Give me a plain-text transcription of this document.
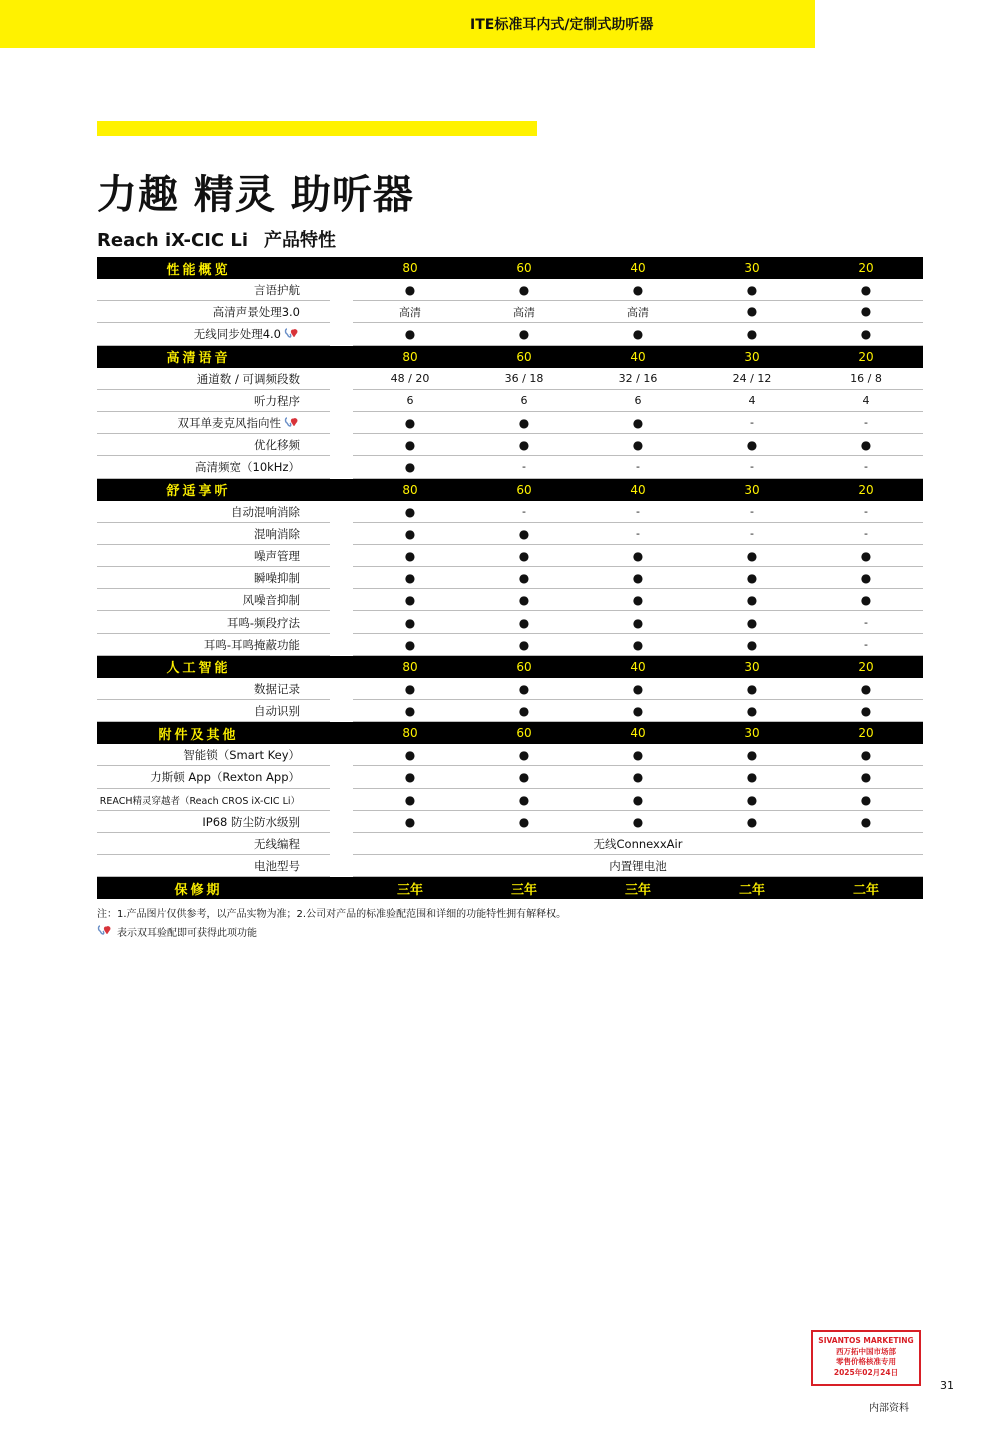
ITE标准耳内式/定制式助听器
力趣 精灵 助听器
Reach iX-CIC Li 产品特性
性能概览	80	60	40	30	20
言语护航	●	●	●	●	●
高清声景处理3.0	高清	高清	高清	●	●
无线同步处理4.0	●	●	●	●	●
高清语音	80	60	40	30	20
通道数 / 可调频段数	48 / 20	36 / 18	32 / 16	24 / 12	16 / 8
听力程序	6	6	6	4	4
双耳单麦克风指向性	●	●	●	-	-
优化移频	●	●	●	●	●
高清频宽（10kHz）	●	-	-	-	-
舒适享听	80	60	40	30	20
自动混响消除	●	-	-	-	-
混响消除	●	●	-	-	-
噪声管理	●	●	●	●	●
瞬噪抑制	●	●	●	●	●
风噪音抑制	●	●	●	●	●
耳鸣-频段疗法	●	●	●	●	-
耳鸣-耳鸣掩蔽功能	●	●	●	●	-
人工智能	80	60	40	30	20
数据记录	●	●	●	●	●
自动识别	●	●	●	●	●
附件及其他	80	60	40	30	20
智能锁（Smart Key）	●	●	●	●	●
力斯顿 App（Rexton App）	●	●	●	●	●
REACH精灵穿越者（Reach CROS iX-CIC Li）	●	●	●	●	●
IP68 防尘防水级别	●	●	●	●	●
无线编程	无线ConnexxAir
电池型号	内置锂电池
保修期	三年	三年	三年	二年	二年
注：1.产品图片仅供参考，以产品实物为准；2.公司对产品的标准验配范围和详细的功能特性拥有解释权。
表示双耳验配即可获得此项功能
SIVANTOS MARKETING
西万拓中国市场部
零售价格核准专用
2025年02月24日
31
内部资料
